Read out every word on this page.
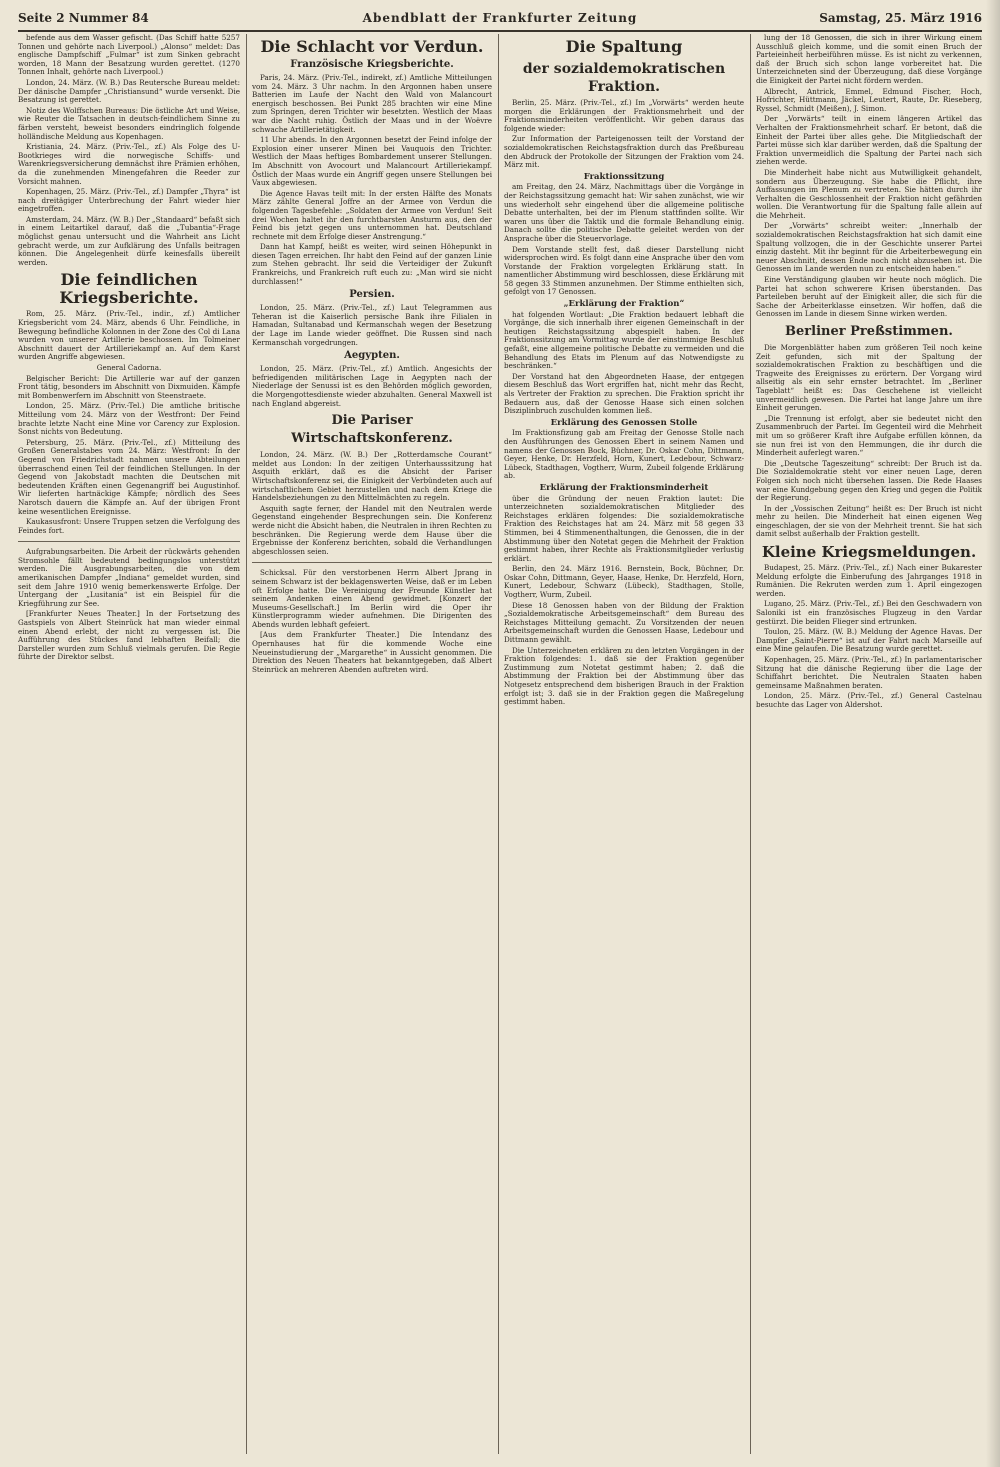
Seite 2 Nummer 84	Abendblatt der Frankfurter Zeitung	Samstag, 25. März 1916

befende aus dem Wasser gefischt. (Das Schiff hatte 5257 Tonnen und gehörte nach Liverpool.) „Alonso“ meldet: Das englische Dampfschiff „Fulmar“ ist zum Sinken gebracht worden, 18 Mann der Besatzung wurden gerettet. (1270 Tonnen Inhalt, gehörte nach Liverpool.)

London, 24. März. (W. B.) Das Reutersche Bureau meldet: Der dänische Dampfer „Christiansund“ wurde versenkt. Die Besatzung ist gerettet.

Notiz des Wolffschen Bureaus: Die östliche Art und Weise, wie Reuter die Tatsachen in deutsch-feindlichem Sinne zu färben versteht, beweist besonders eindringlich folgende holländische Meldung aus Kopenhagen.

Kristiania, 24. März. (Priv.-Tel., zf.) Als Folge des U-Bootkrieges wird die norwegische Schiffs- und Warenkriegsversicherung demnächst ihre Prämien erhöhen, da die zunehmenden Minengefahren die Reeder zur Vorsicht mahnen.

Kopenhagen, 25. März. (Priv.-Tel., zf.) Dampfer „Thyra“ ist nach dreitägiger Unterbrechung der Fahrt wieder hier eingetroffen.

Amsterdam, 24. März. (W. B.) Der „Standaard“ befaßt sich in einem Leitartikel darauf, daß die „Tubantia“-Frage möglichst genau untersucht und die Wahrheit ans Licht gebracht werde, um zur Aufklärung des Unfalls beitragen können. Die Angelegenheit dürfe keinesfalls übereilt werden.

Die feindlichen Kriegsberichte.

Rom, 25. März. (Priv.-Tel., indir., zf.) Amtlicher Kriegsbericht vom 24. März, abends 6 Uhr. Feindliche, in Bewegung befindliche Kolonnen in der Zone des Col di Lana wurden von unserer Artillerie beschossen. Im Tolmeiner Abschnitt dauert der Artilleriekampf an. Auf dem Karst wurden Angriffe abgewiesen.

General Cadorna.

Belgischer Bericht: Die Artillerie war auf der ganzen Front tätig, besonders im Abschnitt von Dixmuiden. Kämpfe mit Bombenwerfern im Abschnitt von Steenstraete.

London, 25. März. (Priv.-Tel.) Die amtliche britische Mitteilung vom 24. März von der Westfront: Der Feind brachte letzte Nacht eine Mine vor Carency zur Explosion. Sonst nichts von Bedeutung.

Petersburg, 25. März. (Priv.-Tel., zf.) Mitteilung des Großen Generalstabes vom 24. März: Westfront: In der Gegend von Friedrichstadt nahmen unsere Abteilungen überraschend einen Teil der feindlichen Stellungen. In der Gegend von Jakobstadt machten die Deutschen mit bedeutenden Kräften einen Gegenangriff bei Augustinhof. Wir lieferten hartnäckige Kämpfe; nördlich des Sees Narotsch dauern die Kämpfe an. Auf der übrigen Front keine wesentlichen Ereignisse.

Kaukasusfront: Unsere Truppen setzen die Verfolgung des Feindes fort.

Aufgrabungsarbeiten. Die Arbeit der rückwärts gehenden Stromsohle fällt bedeutend bedingungslos unterstützt werden. Die Ausgrabungsarbeiten, die von dem amerikanischen Dampfer „Indiana“ gemeldet wurden, sind seit dem Jahre 1910 wenig bemerkenswerte Erfolge. Der Untergang der „Lusitania“ ist ein Beispiel für die Kriegführung zur See.

[Frankfurter Neues Theater.] In der Fortsetzung des Gastspiels von Albert Steinrück hat man wieder einmal einen Abend erlebt, der nicht zu vergessen ist. Die Aufführung des Stückes fand lebhaften Beifall; die Darsteller wurden zum Schluß vielmals gerufen. Die Regie führte der Direktor selbst.

Die Schlacht vor Verdun.
Französische Kriegsberichte.

Paris, 24. März. (Priv.-Tel., indirekt, zf.) Amtliche Mitteilungen vom 24. März. 3 Uhr nachm. In den Argonnen haben unsere Batterien im Laufe der Nacht den Wald von Malancourt energisch beschossen. Bei Punkt 285 brachten wir eine Mine zum Springen, deren Trichter wir besetzten. Westlich der Maas war die Nacht ruhig. Östlich der Maas und in der Woëvre schwache Artillerietätigkeit.

11 Uhr abends. In den Argonnen besetzt der Feind infolge der Explosion einer unserer Minen bei Vauquois den Trichter. Westlich der Maas heftiges Bombardement unserer Stellungen. Im Abschnitt von Avocourt und Malancourt Artilleriekampf. Östlich der Maas wurde ein Angriff gegen unsere Stellungen bei Vaux abgewiesen.

Die Agence Havas teilt mit: In der ersten Hälfte des Monats März zählte General Joffre an der Armee von Verdun die folgenden Tagesbefehle: „Soldaten der Armee von Verdun! Seit drei Wochen haltet ihr den furchtbarsten Ansturm aus, den der Feind bis jetzt gegen uns unternommen hat. Deutschland rechnete mit dem Erfolge dieser Anstrengung.“

Dann hat Kampf, heißt es weiter, wird seinen Höhepunkt in diesen Tagen erreichen. Ihr habt den Feind auf der ganzen Linie zum Stehen gebracht. Ihr seid die Verteidiger der Zukunft Frankreichs, und Frankreich ruft euch zu: „Man wird sie nicht durchlassen!“

Persien.

London, 25. März. (Priv.-Tel., zf.) Laut Telegrammen aus Teheran ist die Kaiserlich persische Bank ihre Filialen in Hamadan, Sultanabad und Kermanschah wegen der Besetzung der Lage im Lande wieder geöffnet. Die Russen sind nach Kermanschah vorgedrungen.

Aegypten.

London, 25. März. (Priv.-Tel., zf.) Amtlich. Angesichts der befriedigenden militärischen Lage in Aegypten nach der Niederlage der Senussi ist es den Behörden möglich geworden, die Morgengottesdienste wieder abzuhalten. General Maxwell ist nach England abgereist.

Die Pariser Wirtschaftskonferenz.

London, 24. März. (W. B.) Der „Rotterdamsche Courant“ meldet aus London: In der zeitigen Unterhausssitzung hat Asquith erklärt, daß es die Absicht der Pariser Wirtschaftskonferenz sei, die Einigkeit der Verbündeten auch auf wirtschaftlichem Gebiet herzustellen und nach dem Kriege die Handelsbeziehungen zu den Mittelmächten zu regeln.

Asquith sagte ferner, der Handel mit den Neutralen werde Gegenstand eingehender Besprechungen sein. Die Konferenz werde nicht die Absicht haben, die Neutralen in ihren Rechten zu beschränken. Die Regierung werde dem Hause über die Ergebnisse der Konferenz berichten, sobald die Verhandlungen abgeschlossen seien.

Schicksal. Für den verstorbenen Herrn Albert Jprang in seinem Schwarz ist der beklagenswerten Weise, daß er im Leben oft Erfolge hatte. Die Vereinigung der Freunde Künstler hat seinem Andenken einen Abend gewidmet. [Konzert der Museums-Gesellschaft.] Im Berlin wird die Oper ihr Künstlerprogramm wieder aufnehmen. Die Dirigenten des Abends wurden lebhaft gefeiert.

[Aus dem Frankfurter Theater.] Die Intendanz des Opernhauses hat für die kommende Woche eine Neueinstudierung der „Margarethe“ in Aussicht genommen. Die Direktion des Neuen Theaters hat bekanntgegeben, daß Albert Steinrück an mehreren Abenden auftreten wird.

Die Spaltung
der sozialdemokratischen Fraktion.

Berlin, 25. März. (Priv.-Tel., zf.) Im „Vorwärts“ werden heute morgen die Erklärungen der Fraktionsmehrheit und der Fraktionsminderheiten veröffentlicht. Wir geben daraus das folgende wieder:

Zur Information der Parteigenossen teilt der Vorstand der sozialdemokratischen Reichstagsfraktion durch das Preßbureau den Abdruck der Protokolle der Sitzungen der Fraktion vom 24. März mit.

Fraktionssitzung

am Freitag, den 24. März, Nachmittags über die Vorgänge in der Reichstagssitzung gemacht hat: Wir sahen zunächst, wie wir uns wiederholt sehr eingehend über die allgemeine politische Debatte unterhalten, bei der im Plenum stattfinden sollte. Wir waren uns über die Taktik und die formale Behandlung einig. Danach sollte die politische Debatte geleitet werden von der Ansprache über die Steuervorlage.

Dem Vorstande stellt fest, daß dieser Darstellung nicht widersprochen wird. Es folgt dann eine Ansprache über den vom Vorstande der Fraktion vorgelegten Erklärung statt. In namentlicher Abstimmung wird beschlossen, diese Erklärung mit 58 gegen 33 Stimmen anzunehmen. Der Stimme enthielten sich, gefolgt von 17 Genossen.

„Erklärung der Fraktion“

hat folgenden Wortlaut: „Die Fraktion bedauert lebhaft die Vorgänge, die sich innerhalb ihrer eigenen Gemeinschaft in der heutigen Reichstagssitzung abgespielt haben. In der Fraktionssitzung am Vormittag wurde der einstimmige Beschluß gefaßt, eine allgemeine politische Debatte zu vermeiden und die Behandlung des Etats im Plenum auf das Notwendigste zu beschränken.“

Der Vorstand hat den Abgeordneten Haase, der entgegen diesem Beschluß das Wort ergriffen hat, nicht mehr das Recht, als Vertreter der Fraktion zu sprechen. Die Fraktion spricht ihr Bedauern aus, daß der Genosse Haase sich einen solchen Disziplinbruch zuschulden kommen ließ.

Erklärung des Genossen Stolle

Im Fraktionsfizung gab am Freitag der Genosse Stolle nach den Ausführungen des Genossen Ebert in seinem Namen und namens der Genossen Bock, Büchner, Dr. Oskar Cohn, Dittmann, Geyer, Henke, Dr. Herzfeld, Horn, Kunert, Ledebour, Schwarz-Lübeck, Stadthagen, Vogtherr, Wurm, Zubeil folgende Erklärung ab.

Erklärung der Fraktionsminderheit

über die Gründung der neuen Fraktion lautet: Die unterzeichneten sozialdemokratischen Mitglieder des Reichstages erklären folgendes: Die sozialdemokratische Fraktion des Reichstages hat am 24. März mit 58 gegen 33 Stimmen, bei 4 Stimmenenthaltungen, die Genossen, die in der Abstimmung über den Notetat gegen die Mehrheit der Fraktion gestimmt haben, ihrer Rechte als Fraktionsmitglieder verlustig erklärt.

Berlin, den 24. März 1916. Bernstein, Bock, Büchner, Dr. Oskar Cohn, Dittmann, Geyer, Haase, Henke, Dr. Herzfeld, Horn, Kunert, Ledebour, Schwarz (Lübeck), Stadthagen, Stolle, Vogtherr, Wurm, Zubeil.

Diese 18 Genossen haben von der Bildung der Fraktion „Sozialdemokratische Arbeitsgemeinschaft“ dem Bureau des Reichstages Mitteilung gemacht. Zu Vorsitzenden der neuen Arbeitsgemeinschaft wurden die Genossen Haase, Ledebour und Dittmann gewählt.

Die Unterzeichneten erklären zu den letzten Vorgängen in der Fraktion folgendes: 1. daß sie der Fraktion gegenüber Zustimmung zum Notetat gestimmt haben; 2. daß die Abstimmung der Fraktion bei der Abstimmung über das Notgesetz entsprechend dem bisherigen Brauch in der Fraktion erfolgt ist; 3. daß sie in der Fraktion gegen die Maßregelung gestimmt haben.

lung der 18 Genossen, die sich in ihrer Wirkung einem Ausschluß gleich komme, und die somit einen Bruch der Parteieinheit herbeiführen müsse. Es ist nicht zu verkennen, daß der Bruch sich schon lange vorbereitet hat. Die Unterzeichneten sind der Überzeugung, daß diese Vorgänge die Einigkeit der Partei nicht fördern werden.

Albrecht, Antrick, Emmel, Edmund Fischer, Hoch, Hofrichter, Hüttmann, Jäckel, Leutert, Raute, Dr. Rieseberg, Ryssel, Schmidt (Meißen), J. Simon.

Der „Vorwärts“ teilt in einem längeren Artikel das Verhalten der Fraktionsmehrheit scharf. Er betont, daß die Einheit der Partei über alles gehe. Die Mitgliedschaft der Partei müsse sich klar darüber werden, daß die Spaltung der Fraktion unvermeidlich die Spaltung der Partei nach sich ziehen werde.

Die Minderheit habe nicht aus Mutwilligkeit gehandelt, sondern aus Überzeugung. Sie habe die Pflicht, ihre Auffassungen im Plenum zu vertreten. Sie hätten durch ihr Verhalten die Geschlossenheit der Fraktion nicht gefährden wollen. Die Verantwortung für die Spaltung falle allein auf die Mehrheit.

Der „Vorwärts“ schreibt weiter: „Innerhalb der sozialdemokratischen Reichstagsfraktion hat sich damit eine Spaltung vollzogen, die in der Geschichte unserer Partei einzig dasteht. Mit ihr beginnt für die Arbeiterbewegung ein neuer Abschnitt, dessen Ende noch nicht abzusehen ist. Die Genossen im Lande werden nun zu entscheiden haben.“

Eine Verständigung glauben wir heute noch möglich. Die Partei hat schon schwerere Krisen überstanden. Das Parteileben beruht auf der Einigkeit aller, die sich für die Sache der Arbeiterklasse einsetzen. Wir hoffen, daß die Genossen im Lande in diesem Sinne wirken werden.

Berliner Preßstimmen.

Die Morgenblätter haben zum größeren Teil noch keine Zeit gefunden, sich mit der Spaltung der sozialdemokratischen Fraktion zu beschäftigen und die Tragweite des Ereignisses zu erörtern. Der Vorgang wird allseitig als ein sehr ernster betrachtet. Im „Berliner Tageblatt“ heißt es: Das Geschehene ist vielleicht unvermeidlich gewesen. Die Partei hat lange Jahre um ihre Einheit gerungen.

„Die Trennung ist erfolgt, aber sie bedeutet nicht den Zusammenbruch der Partei. Im Gegenteil wird die Mehrheit mit um so größerer Kraft ihre Aufgabe erfüllen können, da sie nun frei ist von den Hemmungen, die ihr durch die Minderheit auferlegt waren.“

Die „Deutsche Tageszeitung“ schreibt: Der Bruch ist da. Die Sozialdemokratie steht vor einer neuen Lage, deren Folgen sich noch nicht übersehen lassen. Die Rede Haases war eine Kundgebung gegen den Krieg und gegen die Politik der Regierung.

In der „Vossischen Zeitung“ heißt es: Der Bruch ist nicht mehr zu heilen. Die Minderheit hat einen eigenen Weg eingeschlagen, der sie von der Mehrheit trennt. Sie hat sich damit selbst außerhalb der Fraktion gestellt.

Kleine Kriegsmeldungen.

Budapest, 25. März. (Priv.-Tel., zf.) Nach einer Bukarester Meldung erfolgte die Einberufung des Jahrganges 1918 in Rumänien. Die Rekruten werden zum 1. April eingezogen werden.

Lugano, 25. März. (Priv.-Tel., zf.) Bei den Geschwadern von Saloniki ist ein französisches Flugzeug in den Vardar gestürzt. Die beiden Flieger sind ertrunken.

Toulon, 25. März. (W. B.) Meldung der Agence Havas. Der Dampfer „Saint-Pierre“ ist auf der Fahrt nach Marseille auf eine Mine gelaufen. Die Besatzung wurde gerettet.

Kopenhagen, 25. März. (Priv.-Tel., zf.) In parlamentarischer Sitzung hat die dänische Regierung über die Lage der Schiffahrt berichtet. Die Neutralen Staaten haben gemeinsame Maßnahmen beraten.

London, 25. März. (Priv.-Tel., zf.) General Castelnau besuchte das Lager von Aldershot.
